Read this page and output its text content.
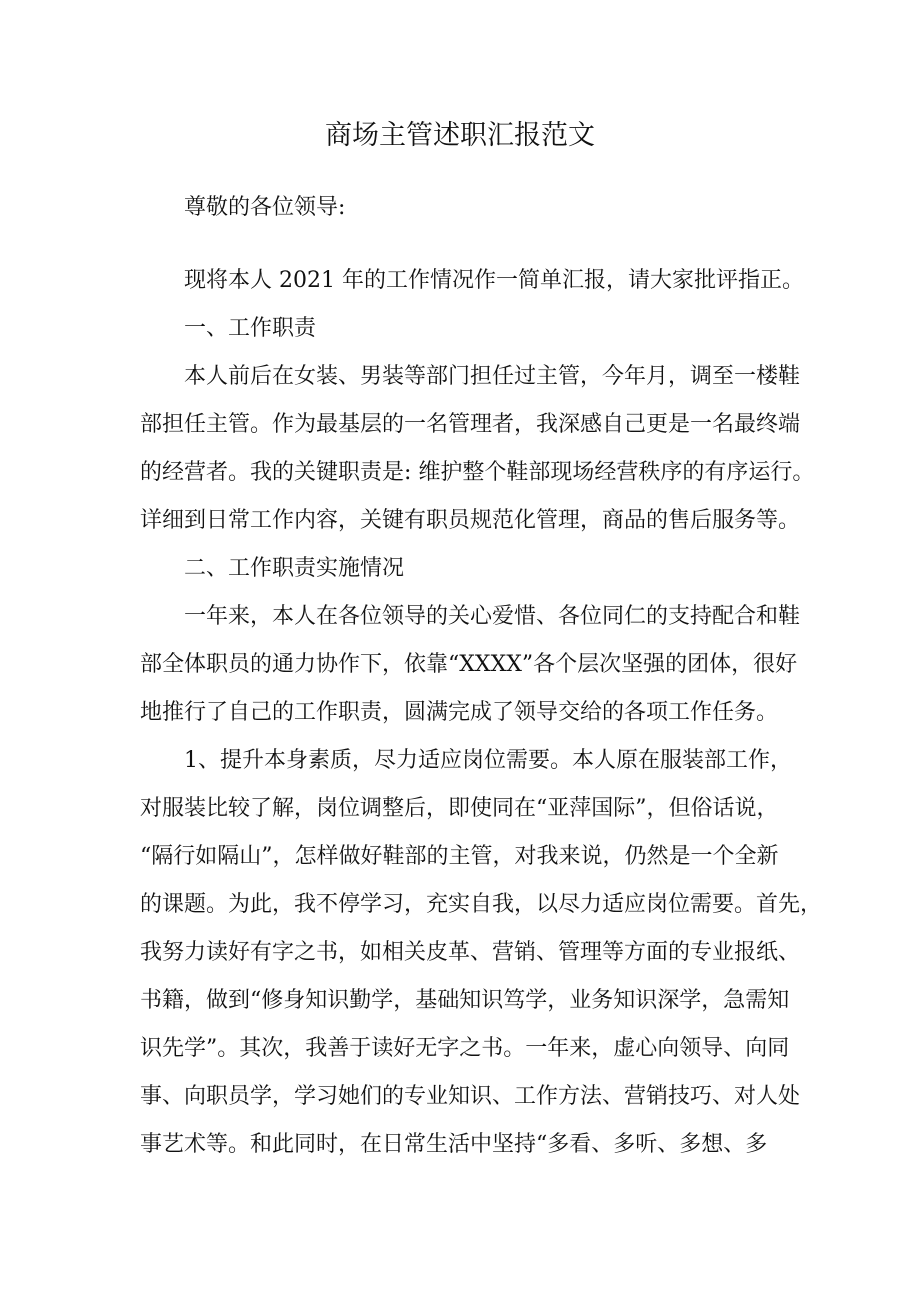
商场主管述职汇报范文
尊敬的各位领导:
现将本人 2021 年的工作情况作一简单汇报，请大家批评指正。
一、工作职责
本人前后在女装、男装等部门担任过主管，今年月，调至一楼鞋
部担任主管。作为最基层的一名管理者，我深感自己更是一名最终端
的经营者。我的关键职责是: 维护整个鞋部现场经营秩序的有序运行。
详细到日常工作内容，关键有职员规范化管理，商品的售后服务等。
二、工作职责实施情况
一年来，本人在各位领导的关心爱惜、各位同仁的支持配合和鞋
部全体职员的通力协作下，依靠“XXXX”各个层次坚强的团体，很好
地推行了自己的工作职责，圆满完成了领导交给的各项工作任务。
1、提升本身素质，尽力适应岗位需要。本人原在服装部工作，
对服装比较了解，岗位调整后，即使同在“亚萍国际”，但俗话说，
“隔行如隔山”，怎样做好鞋部的主管，对我来说，仍然是一个全新
的课题。为此，我不停学习，充实自我，以尽力适应岗位需要。首先，
我努力读好有字之书，如相关皮革、营销、管理等方面的专业报纸、
书籍，做到“修身知识勤学，基础知识笃学，业务知识深学，急需知
识先学”。其次，我善于读好无字之书。一年来，虚心向领导、向同
事、向职员学，学习她们的专业知识、工作方法、营销技巧、对人处
事艺术等。和此同时，在日常生活中坚持“多看、多听、多想、多
